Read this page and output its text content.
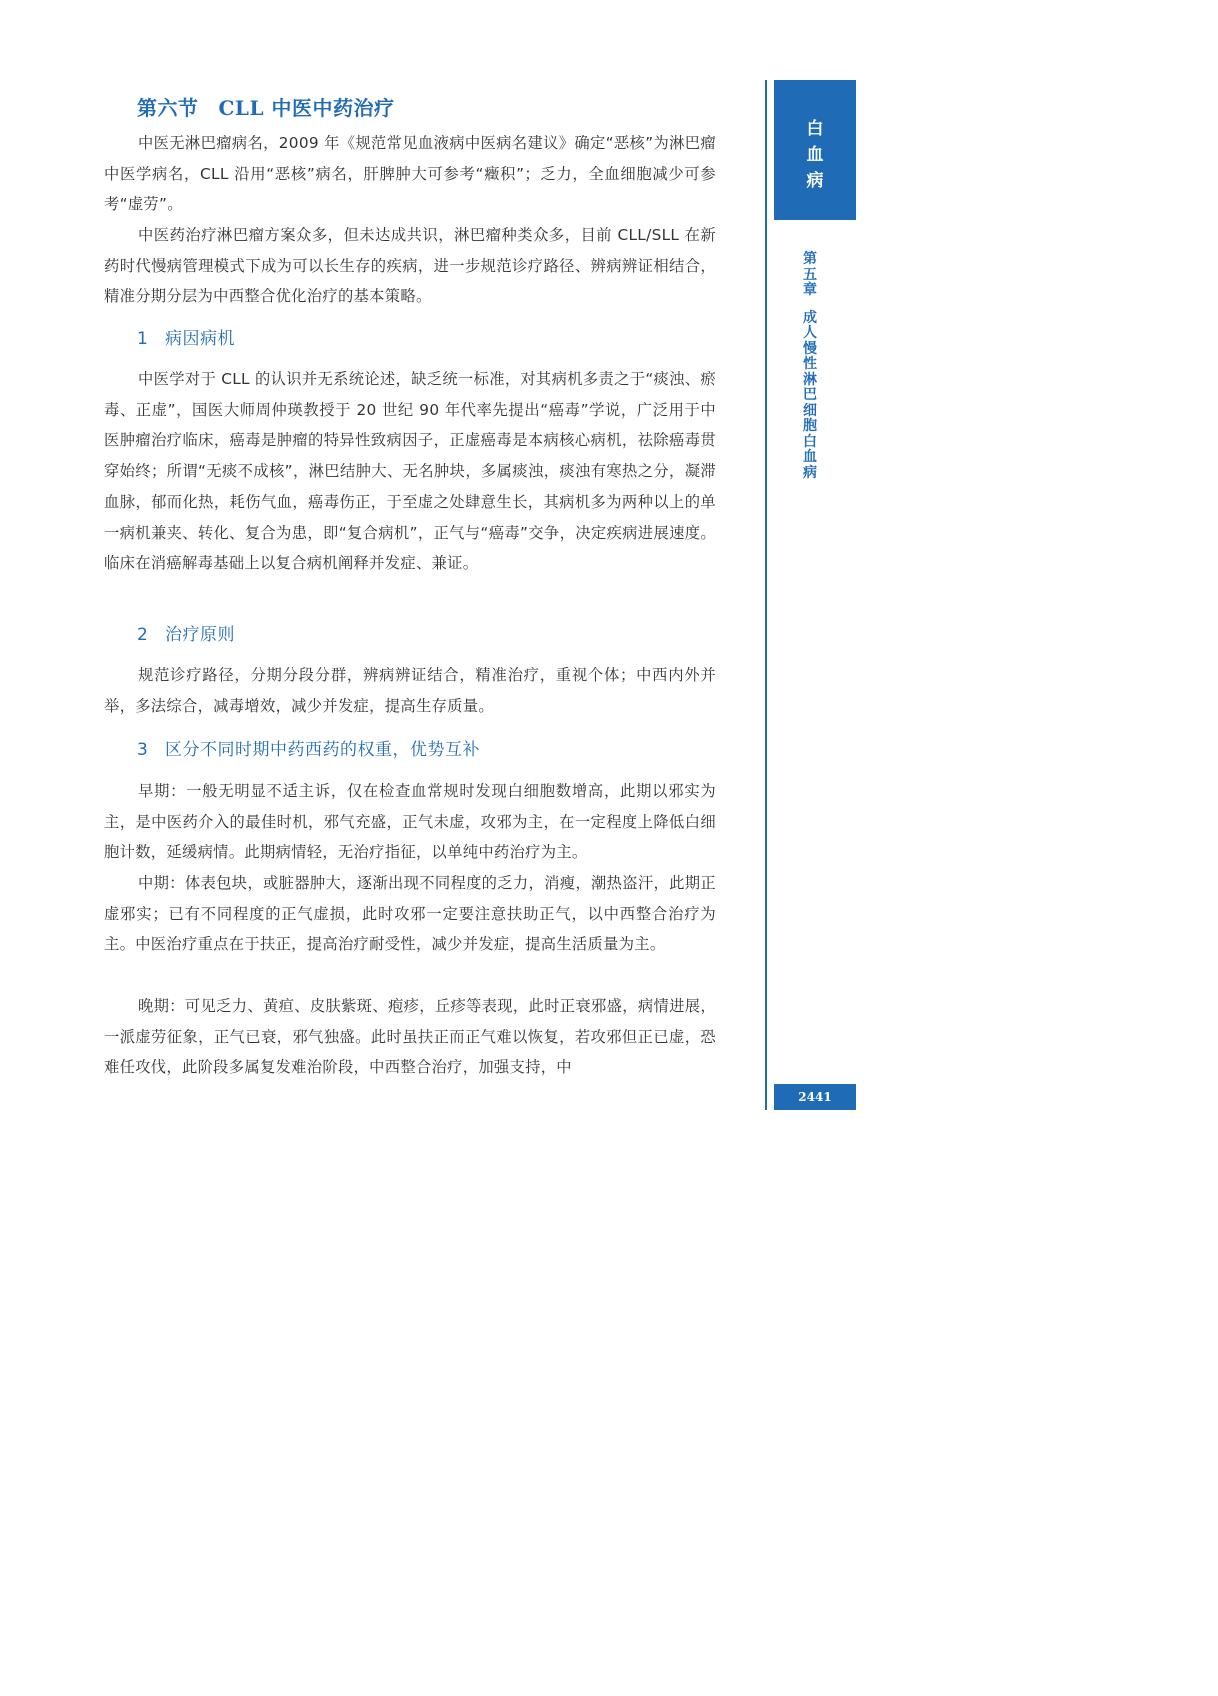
第六节 CLL 中医中药治疗

中医无淋巴瘤病名，2009 年《规范常见血液病中医病名建议》确定“恶核”为淋巴瘤中医学病名，CLL 沿用“恶核”病名，肝脾肿大可参考“癥积”；乏力，全血细胞减少可参考“虚劳”。

中医药治疗淋巴瘤方案众多，但未达成共识，淋巴瘤种类众多，目前 CLL/SLL 在新药时代慢病管理模式下成为可以长生存的疾病，进一步规范诊疗路径、辨病辨证相结合，精准分期分层为中西整合优化治疗的基本策略。

1 病因病机

中医学对于 CLL 的认识并无系统论述，缺乏统一标准，对其病机多责之于“痰浊、瘀毒、正虚”，国医大师周仲瑛教授于 20 世纪 90 年代率先提出“癌毒”学说，广泛用于中医肿瘤治疗临床，癌毒是肿瘤的特异性致病因子，正虚癌毒是本病核心病机，祛除癌毒贯穿始终；所谓“无痰不成核”，淋巴结肿大、无名肿块，多属痰浊，痰浊有寒热之分，凝滞血脉，郁而化热，耗伤气血，癌毒伤正，于至虚之处肆意生长，其病机多为两种以上的单一病机兼夹、转化、复合为患，即“复合病机”，正气与“癌毒”交争，决定疾病进展速度。临床在消癌解毒基础上以复合病机阐释并发症、兼证。

2 治疗原则

规范诊疗路径，分期分段分群，辨病辨证结合，精准治疗，重视个体；中西内外并举，多法综合，减毒增效，减少并发症，提高生存质量。

3 区分不同时期中药西药的权重，优势互补

早期：一般无明显不适主诉，仅在检查血常规时发现白细胞数增高，此期以邪实为主，是中医药介入的最佳时机，邪气充盛，正气未虚，攻邪为主，在一定程度上降低白细胞计数，延缓病情。此期病情轻，无治疗指征，以单纯中药治疗为主。

中期：体表包块，或脏器肿大，逐渐出现不同程度的乏力，消瘦，潮热盗汗，此期正虚邪实；已有不同程度的正气虚损，此时攻邪一定要注意扶助正气，以中西整合治疗为主。中医治疗重点在于扶正，提高治疗耐受性，减少并发症，提高生活质量为主。

晚期：可见乏力、黄疸、皮肤紫斑、疱疹，丘疹等表现，此时正衰邪盛，病情进展，一派虚劳征象，正气已衰，邪气独盛。此时虽扶正而正气难以恢复，若攻邪但正已虚，恐难任攻伐，此阶段多属复发难治阶段，中西整合治疗，加强支持，中

白
血
病
第五章
成人慢性淋巴细胞白血病
2441
